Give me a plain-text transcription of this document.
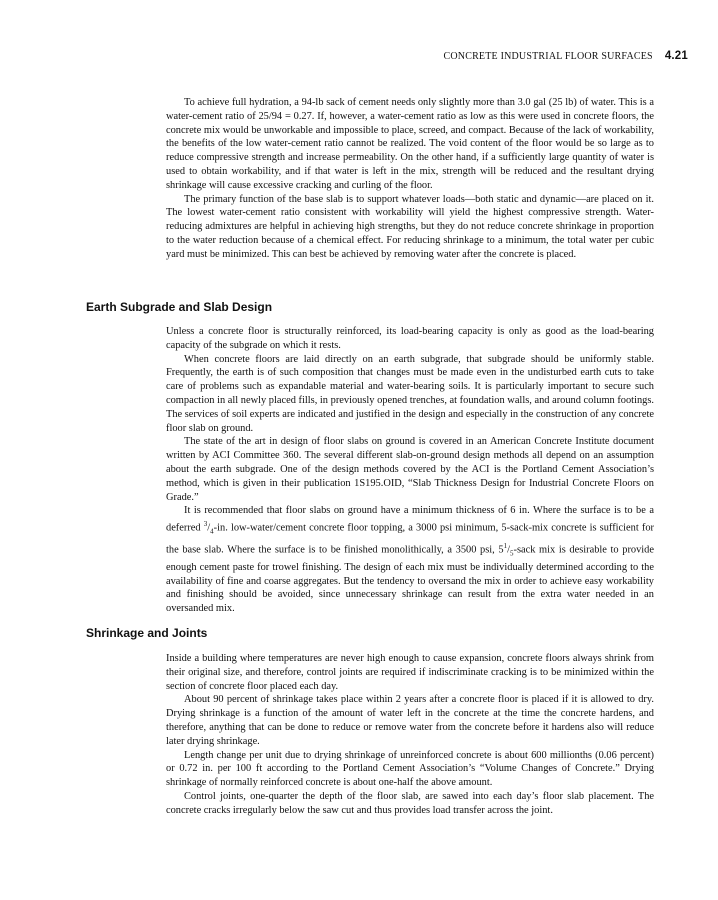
CONCRETE INDUSTRIAL FLOOR SURFACES 4.21

To achieve full hydration, a 94-lb sack of cement needs only slightly more than 3.0 gal (25 lb) of water. This is a water-cement ratio of 25/94 = 0.27. If, however, a water-cement ratio as low as this were used in concrete floors, the concrete mix would be unworkable and impossible to place, screed, and compact. Because of the lack of workability, the benefits of the low water-cement ratio cannot be realized. The void content of the floor would be so large as to reduce compressive strength and increase permeability. On the other hand, if a sufficiently large quantity of water is used to obtain workability, and if that water is left in the mix, strength will be reduced and the resultant drying shrinkage will cause excessive cracking and curling of the floor.

The primary function of the base slab is to support whatever loads—both static and dynamic—are placed on it. The lowest water-cement ratio consistent with workability will yield the highest compressive strength. Water-reducing admixtures are helpful in achieving high strengths, but they do not reduce concrete shrinkage in proportion to the water reduction because of a chemical effect. For reducing shrinkage to a minimum, the total water per cubic yard must be minimized. This can best be achieved by removing water after the concrete is placed.

Earth Subgrade and Slab Design

Unless a concrete floor is structurally reinforced, its load-bearing capacity is only as good as the load-bearing capacity of the subgrade on which it rests.

When concrete floors are laid directly on an earth subgrade, that subgrade should be uniformly stable. Frequently, the earth is of such composition that changes must be made even in the undisturbed earth cuts to take care of problems such as expandable material and water-bearing soils. It is particularly important to secure such compaction in all newly placed fills, in previously opened trenches, at foundation walls, and around column footings. The services of soil experts are indicated and justified in the design and especially in the construction of any concrete floor slab on ground.

The state of the art in design of floor slabs on ground is covered in an American Concrete Institute document written by ACI Committee 360. The several different slab-on-ground design methods all depend on an assumption about the earth subgrade. One of the design methods covered by the ACI is the Portland Cement Association’s method, which is given in their publication 1S195.OID, “Slab Thickness Design for Industrial Concrete Floors on Grade.”

It is recommended that floor slabs on ground have a minimum thickness of 6 in. Where the surface is to be a deferred $^3/_4-in$. low-water/cement concrete floor topping, a 3000 psi minimum, 5-sack-mix concrete is sufficient for the base slab. Where the surface is to be finished monolithically, a 3500 psi, $5^1/_5$-sack mix is desirable to provide enough cement paste for trowel finishing. The design of each mix must be individually determined according to the availability of fine and coarse aggregates. But the tendency to oversand the mix in order to achieve easy workability and finishing should be avoided, since unnecessary shrinkage can result from the extra water needed in an oversanded mix.

Shrinkage and Joints

Inside a building where temperatures are never high enough to cause expansion, concrete floors always shrink from their original size, and therefore, control joints are required if indiscriminate cracking is to be minimized within the section of concrete floor placed each day.

About 90 percent of shrinkage takes place within 2 years after a concrete floor is placed if it is allowed to dry. Drying shrinkage is a function of the amount of water left in the concrete at the time the concrete hardens, and therefore, anything that can be done to reduce or remove water from the concrete before it hardens also will reduce later drying shrinkage.

Length change per unit due to drying shrinkage of unreinforced concrete is about 600 millionths (0.06 percent) or 0.72 in. per 100 ft according to the Portland Cement Association’s “Volume Changes of Concrete.” Drying shrinkage of normally reinforced concrete is about one-half the above amount.

Control joints, one-quarter the depth of the floor slab, are sawed into each day’s floor slab placement. The concrete cracks irregularly below the saw cut and thus provides load transfer across the joint.
